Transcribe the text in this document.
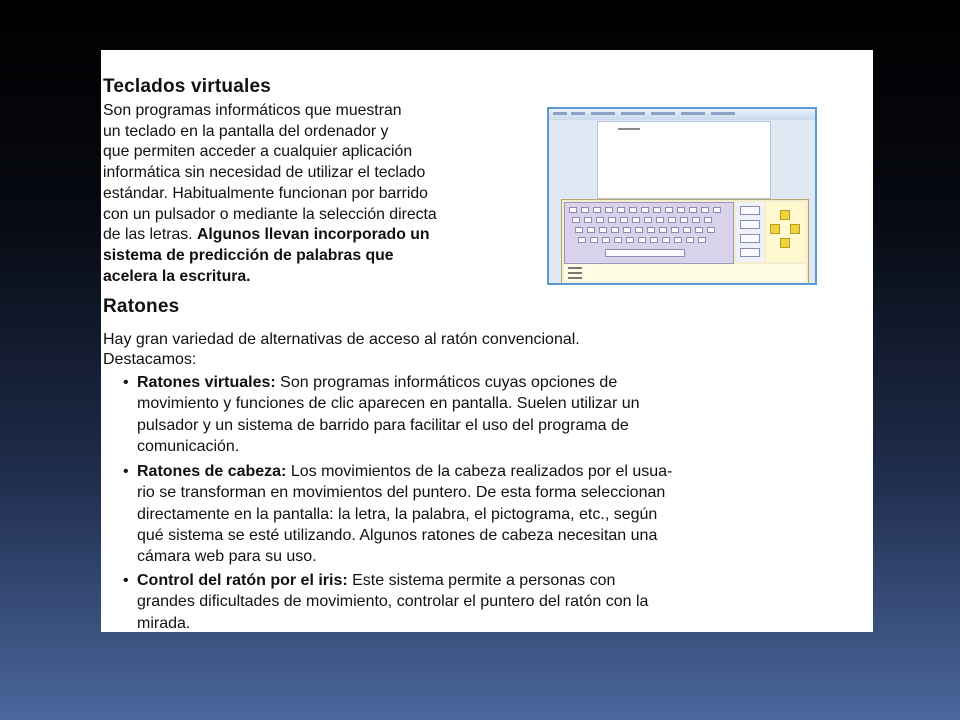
Teclados virtuales
Son programas informáticos que muestran
un teclado en la pantalla del ordenador y
que permiten acceder a cualquier aplicación
informática sin necesidad de utilizar el teclado
estándar. Habitualmente funcionan por barrido
con un pulsador o mediante la selección directa
de las letras. Algunos llevan incorporado un
sistema de predicción de palabras que
acelera la escritura.
Ratones
Hay gran variedad de alternativas de acceso al ratón convencional.
Destacamos:
• Ratones virtuales: Son programas informáticos cuyas opciones de
movimiento y funciones de clic aparecen en pantalla. Suelen utilizar un
pulsador y un sistema de barrido para facilitar el uso del programa de
comunicación.
• Ratones de cabeza: Los movimientos de la cabeza realizados por el usua-
rio se transforman en movimientos del puntero. De esta forma seleccionan
directamente en la pantalla: la letra, la palabra, el pictograma, etc., según
qué sistema se esté utilizando. Algunos ratones de cabeza necesitan una
cámara web para su uso.
• Control del ratón por el iris: Este sistema permite a personas con
grandes dificultades de movimiento, controlar el puntero del ratón con la
mirada.
